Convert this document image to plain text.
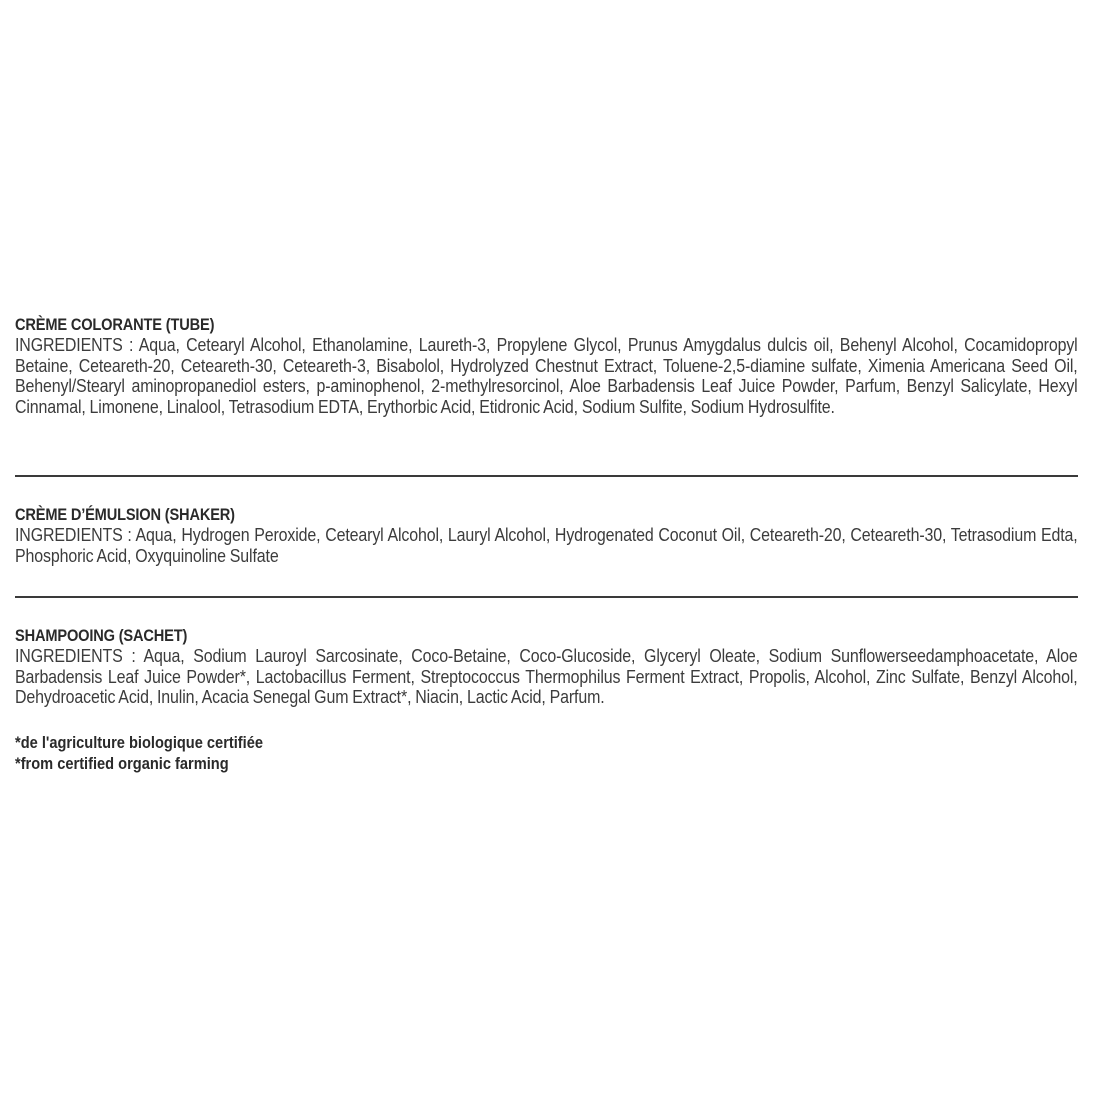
CRÈME COLORANTE (TUBE)

INGREDIENTS : Aqua, Cetearyl Alcohol, Ethanolamine, Laureth-3, Propylene Glycol, Prunus Amygdalus dulcis oil, Behenyl Alcohol, Cocamidopropyl Betaine, Ceteareth-20, Ceteareth-30, Ceteareth-3, Bisabolol, Hydrolyzed Chestnut Extract, Toluene-2,5-diamine sulfate, Ximenia Americana Seed Oil, Behenyl/Stearyl aminopropanediol esters, p-aminophenol, 2-methylresorcinol, Aloe Barbadensis Leaf Juice Powder, Parfum, Benzyl Salicylate, Hexyl Cinnamal, Limonene, Linalool, Tetrasodium EDTA, Erythorbic Acid, Etidronic Acid, Sodium Sulfite, Sodium Hydrosulfite.

CRÈME D’ÉMULSION (SHAKER)

INGREDIENTS : Aqua, Hydrogen Peroxide, Cetearyl Alcohol, Lauryl Alcohol, Hydrogenated Coconut Oil, Ceteareth-20, Ceteareth-30, Tetrasodium Edta, Phosphoric Acid, Oxyquinoline Sulfate

SHAMPOOING (SACHET)

INGREDIENTS : Aqua, Sodium Lauroyl Sarcosinate, Coco-Betaine, Coco-Glucoside, Glyceryl Oleate, Sodium Sunflowerseedamphoacetate, Aloe Barbadensis Leaf Juice Powder*, Lactobacillus Ferment, Streptococcus Thermophilus Ferment Extract, Propolis, Alcohol, Zinc Sulfate, Benzyl Alcohol, Dehydroacetic Acid, Inulin, Acacia Senegal Gum Extract*, Niacin, Lactic Acid, Parfum.

*de l'agriculture biologique certifiée
*from certified organic farming
